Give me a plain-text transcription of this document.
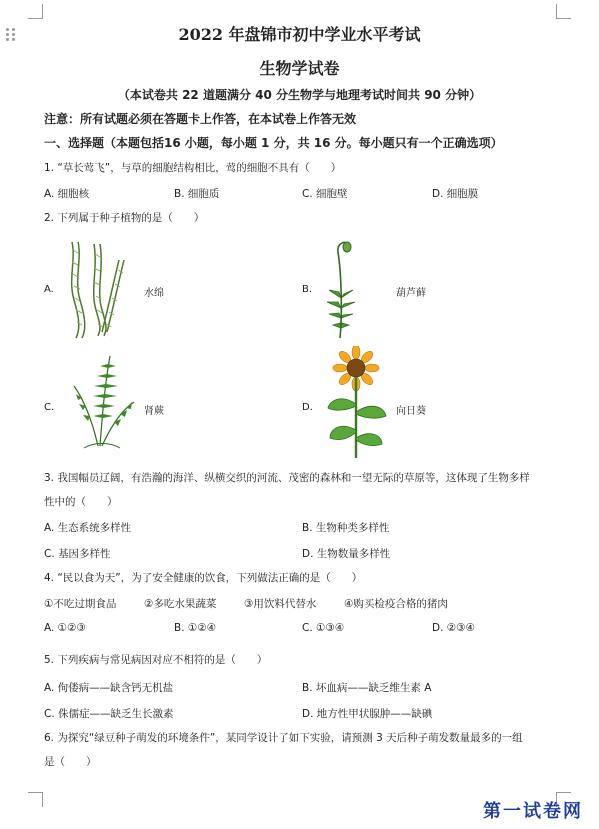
2022 年盘锦市初中学业水平考试
生物学试卷
（本试卷共 22 道题满分 40 分生物学与地理考试时间共 90 分钟）
注意：所有试题必须在答题卡上作答，在本试卷上作答无效
一、选择题（本题包括16 小题，每小题 1 分，共 16 分。每小题只有一个正确选项）
1. “草长莺飞”，与草的细胞结构相比，莺的细胞不具有（　　）
A. 细胞核	B. 细胞质	C. 细胞壁	D. 细胞膜
2. 下列属于种子植物的是（　　）
A.	水绵	B.	葫芦藓
C.	肾蕨	D.	向日葵
3. 我国幅员辽阔，有浩瀚的海洋、纵横交织的河流、茂密的森林和一望无际的草原等，这体现了生物多样
性中的（　　）
A. 生态系统多样性	B. 生物种类多样性
C. 基因多样性	D. 生物数量多样性
4. “民以食为天”，为了安全健康的饮食，下列做法正确的是（　　）
①不吃过期食品	②多吃水果蔬菜	③用饮料代替水	④购买检疫合格的猪肉
A. ①②③	B. ①②④	C. ①③④	D. ②③④
5. 下列疾病与常见病因对应不相符的是（　　）
A. 佝偻病——缺含钙无机盐	B. 坏血病——缺乏维生素 A
C. 侏儒症——缺乏生长激素	D. 地方性甲状腺肿——缺碘
6. 为探究“绿豆种子萌发的环境条件”，某同学设计了如下实验，请预测 3 天后种子萌发数量最多的一组
是（　　）
第一试卷网
